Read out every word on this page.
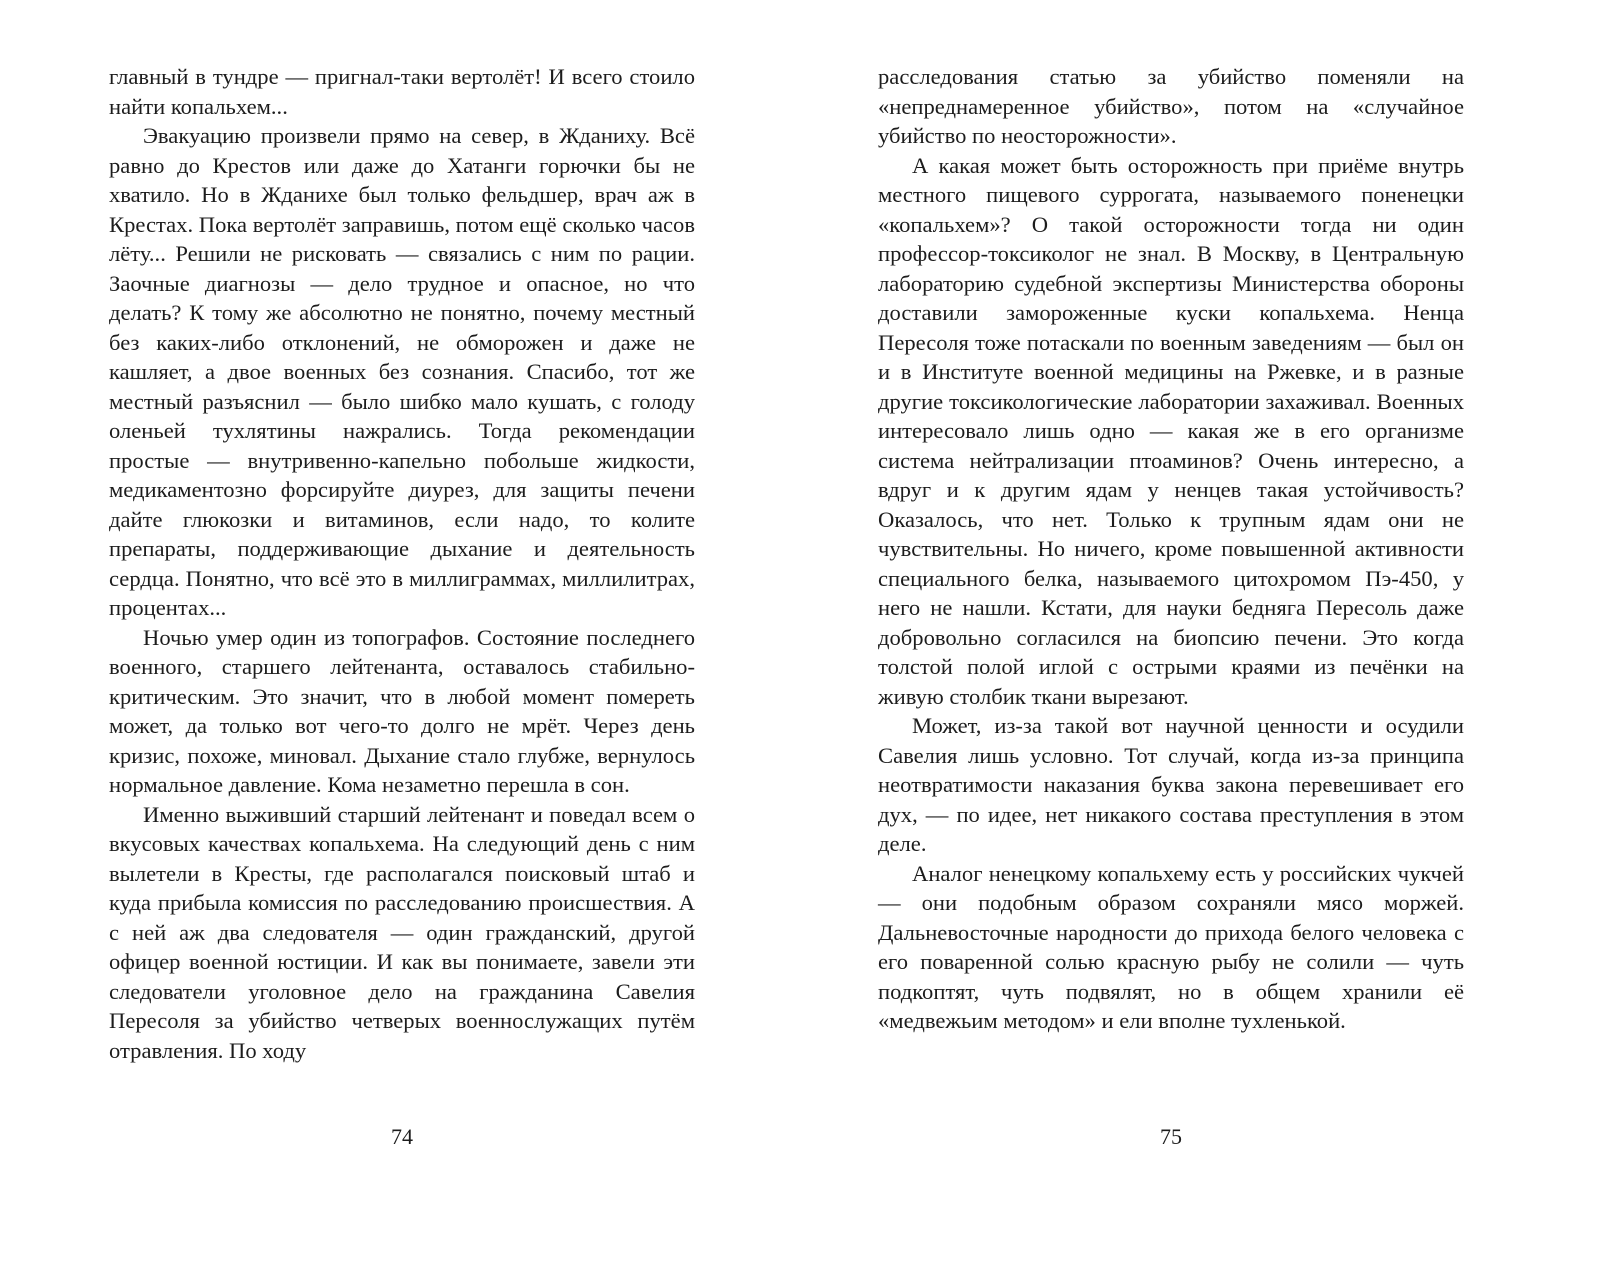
главный в тундре — пригнал-таки вертолёт! И всего стоило найти копальхем...

Эвакуацию произвели прямо на север, в Жданиху. Всё равно до Крестов или даже до Хатанги горючки бы не хватило. Но в Жданихе был только фельдшер, врач аж в Крестах. Пока вертолёт заправишь, потом ещё сколько часов лёту... Решили не рисковать — связались с ним по рации. Заочные диагнозы — дело трудное и опасное, но что делать? К тому же абсолютно не понятно, почему местный без каких-либо отклонений, не обморожен и даже не кашляет, а двое военных без сознания. Спасибо, тот же местный разъяснил — было шибко мало кушать, с голоду оленьей тухлятины нажрались. Тогда рекомендации простые — внутривенно-капельно побольше жидкости, медикаментозно форсируйте диурез, для защиты печени дайте глюкозки и витаминов, если надо, то колите препараты, поддерживающие дыхание и деятельность сердца. Понятно, что всё это в миллиграммах, миллилитрах, процентах...

Ночью умер один из топографов. Состояние последнего военного, старшего лейтенанта, оставалось стабильно-критическим. Это значит, что в любой момент помереть может, да только вот чего-то долго не мрёт. Через день кризис, похоже, миновал. Дыхание стало глубже, вернулось нормальное давление. Кома незаметно перешла в сон.

Именно выживший старший лейтенант и поведал всем о вкусовых качествах копальхема. На следующий день с ним вылетели в Кресты, где располагался поисковый штаб и куда прибыла комиссия по расследованию происшествия. А с ней аж два следователя — один гражданский, другой офицер военной юстиции. И как вы понимаете, завели эти следователи уголовное дело на гражданина Савелия Пересоля за убийство четверых военнослужащих путём отравления. По ходу

74

расследования статью за убийство поменяли на «непреднамеренное убийство», потом на «случайное убийство по неосторожности».

А какая может быть осторожность при приёме внутрь местного пищевого суррогата, называемого поненецки «копальхем»? О такой осторожности тогда ни один профессор-токсиколог не знал. В Москву, в Центральную лабораторию судебной экспертизы Министерства обороны доставили замороженные куски копальхема. Ненца Пересоля тоже потаскали по военным заведениям — был он и в Институте военной медицины на Ржевке, и в разные другие токсикологические лаборатории захаживал. Военных интересовало лишь одно — какая же в его организме система нейтрализации птоаминов? Очень интересно, а вдруг и к другим ядам у ненцев такая устойчивость? Оказалось, что нет. Только к трупным ядам они не чувствительны. Но ничего, кроме повышенной активности специального белка, называемого цитохромом Пэ-450, у него не нашли. Кстати, для науки бедняга Пересоль даже добровольно согласился на биопсию печени. Это когда толстой полой иглой с острыми краями из печёнки на живую столбик ткани вырезают.

Может, из-за такой вот научной ценности и осудили Савелия лишь условно. Тот случай, когда из-за принципа неотвратимости наказания буква закона перевешивает его дух, — по идее, нет никакого состава преступления в этом деле.

Аналог ненецкому копальхему есть у российских чукчей — они подобным образом сохраняли мясо моржей. Дальневосточные народности до прихода белого человека с его поваренной солью красную рыбу не солили — чуть подкоптят, чуть подвялят, но в общем хранили её «медвежьим методом» и ели вполне тухленькой.

75
